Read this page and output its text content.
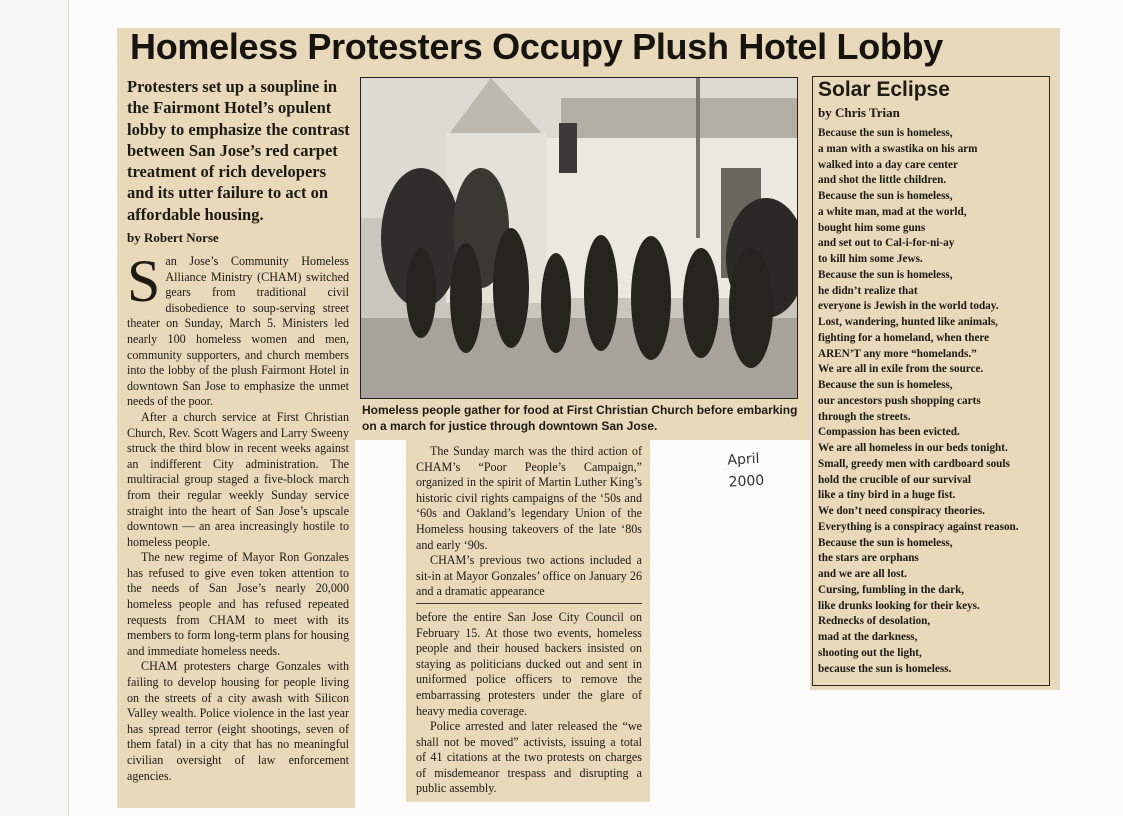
Homeless Protesters Occupy Plush Hotel Lobby

Protesters set up a soupline in the Fairmont Hotel’s opulent lobby to emphasize the contrast between San Jose’s red carpet treatment of rich developers and its utter failure to act on affordable housing.

by Robert Norse

San Jose’s Community Homeless Alliance Ministry (CHAM) switched gears from traditional civil disobedience to soup-serving street theater on Sunday, March 5. Ministers led nearly 100 homeless women and men, community supporters, and church members into the lobby of the plush Fairmont Hotel in downtown San Jose to emphasize the unmet needs of the poor.

After a church service at First Christian Church, Rev. Scott Wagers and Larry Sweeny struck the third blow in recent weeks against an indifferent City administration. The multiracial group staged a five-block march from their regular weekly Sunday service straight into the heart of San Jose’s upscale downtown — an area increasingly hostile to homeless people.

The new regime of Mayor Ron Gonzales has refused to give even token attention to the needs of San Jose’s nearly 20,000 homeless people and has refused repeated requests from CHAM to meet with its members to form long-term plans for housing and immediate homeless needs.

CHAM protesters charge Gonzales with failing to develop housing for people living on the streets of a city awash with Silicon Valley wealth. Police violence in the last year has spread terror (eight shootings, seven of them fatal) in a city that has no meaningful civilian oversight of law enforcement agencies.

Homeless people gather for food at First Christian Church before embarking on a march for justice through downtown San Jose.

The Sunday march was the third action of CHAM’s “Poor People’s Campaign,” organized in the spirit of Martin Luther King’s historic civil rights campaigns of the ‘50s and ‘60s and Oakland’s legendary Union of the Homeless housing takeovers of the late ‘80s and early ‘90s.

CHAM’s previous two actions included a sit-in at Mayor Gonzales’ office on January 26 and a dramatic appearance

before the entire San Jose City Council on February 15. At those two events, homeless people and their housed backers insisted on staying as politicians ducked out and sent in uniformed police officers to remove the embarrassing protesters under the glare of heavy media coverage.

Police arrested and later released the “we shall not be moved” activists, issuing a total of 41 citations at the two protests on charges of misdemeanor trespass and disrupting a public assembly.

April
2000
Solar Eclipse

by Chris Trian

Because the sun is homeless,
a man with a swastika on his arm
walked into a day care center
and shot the little children.
Because the sun is homeless,
a white man, mad at the world,
bought him some guns
and set out to Cal-i-for-ni-ay
to kill him some Jews.
Because the sun is homeless,
he didn’t realize that
everyone is Jewish in the world today.
Lost, wandering, hunted like animals,
fighting for a homeland, when there
AREN’T any more “homelands.”
We are all in exile from the source.
Because the sun is homeless,
our ancestors push shopping carts
through the streets.
Compassion has been evicted.
We are all homeless in our beds tonight.
Small, greedy men with cardboard souls
hold the crucible of our survival
like a tiny bird in a huge fist.
We don’t need conspiracy theories.
Everything is a conspiracy against reason.
Because the sun is homeless,
the stars are orphans
and we are all lost.
Cursing, fumbling in the dark,
like drunks looking for their keys.
Rednecks of desolation,
mad at the darkness,
shooting out the light,
because the sun is homeless.
